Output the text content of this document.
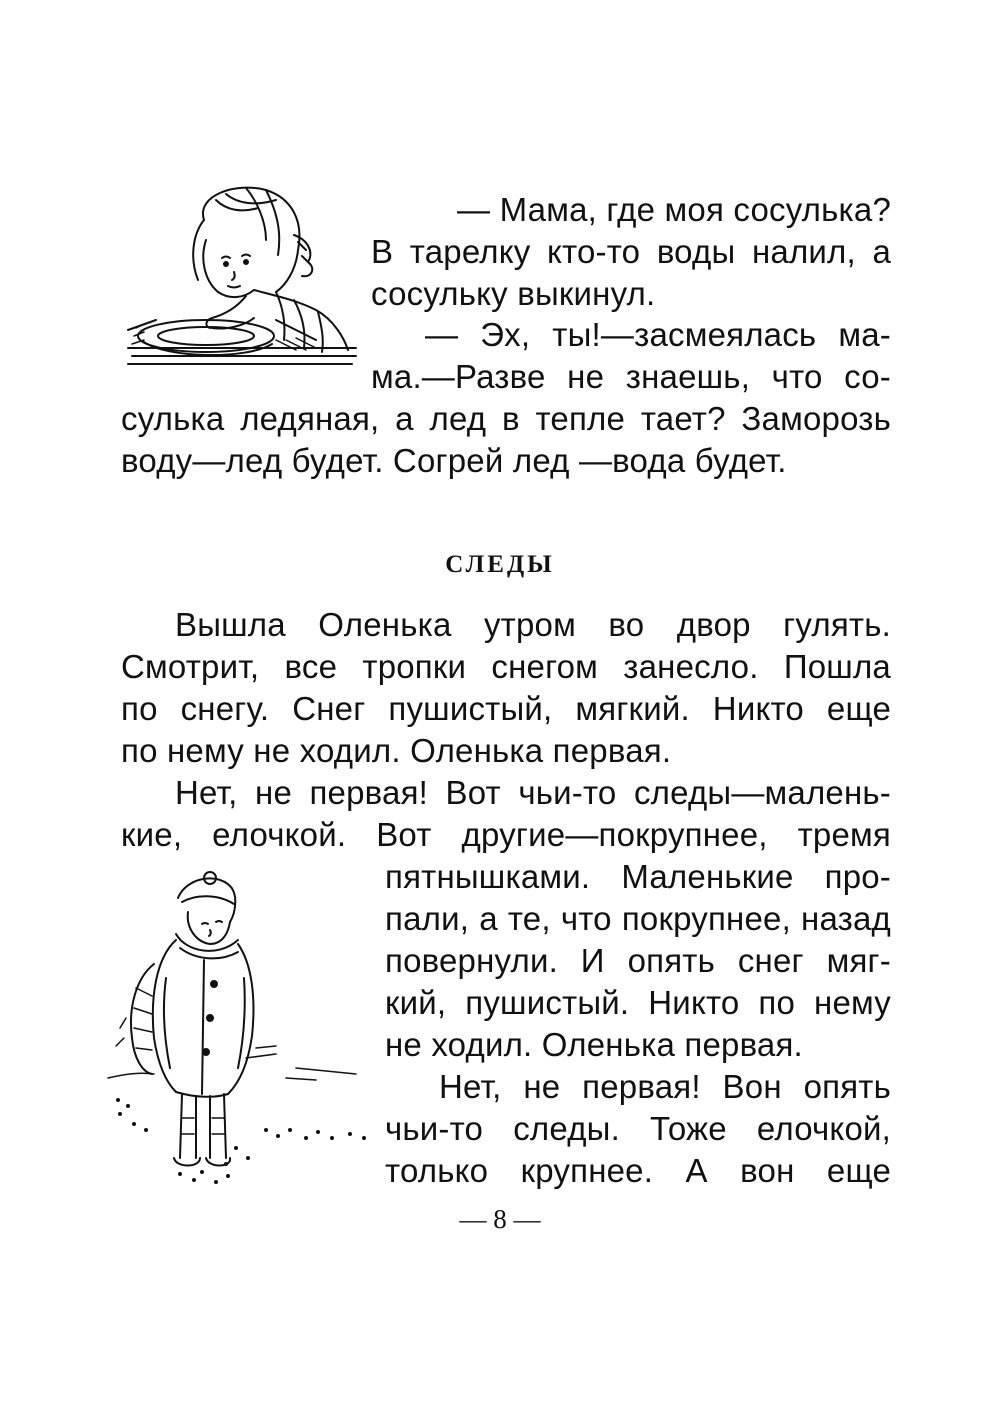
— Мама, где моя сосулька?
В тарелку кто-то воды налил, а
сосульку выкинул.
— Эх, ты!—засмеялась ма-
ма.—Разве не знаешь, что со-
сулька ледяная, а лед в тепле тает? Заморозь
воду—лед будет. Согрей лед —вода будет.
СЛЕДЫ
Вышла Оленька утром во двор гулять.
Смотрит, все тропки снегом занесло. Пошла
по снегу. Снег пушистый, мягкий. Никто еще
по нему не ходил. Оленька первая.
Нет, не первая! Вот чьи-то следы—малень-
кие, елочкой. Вот другие—покрупнее, тремя
пятнышками. Маленькие про-
пали, а те, что покрупнее, назад
повернули. И опять снег мяг-
кий, пушистый. Никто по нему
не ходил. Оленька первая.
Нет, не первая! Вон опять
чьи-то следы. Тоже елочкой,
только крупнее. А вон еще
— 8 —
